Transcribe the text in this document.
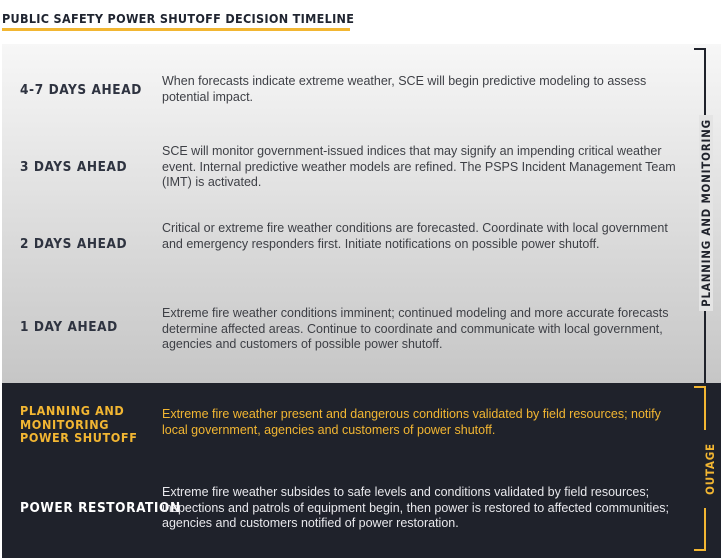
PUBLIC SAFETY POWER SHUTOFF DECISION TIMELINE
4-7 DAYS AHEAD
When forecasts indicate extreme weather, SCE will begin predictive modeling to assess potential impact.
3 DAYS AHEAD
SCE will monitor government-issued indices that may signify an impending critical weather event. Internal predictive weather models are refined. The PSPS Incident Management Team (IMT) is activated.
2 DAYS AHEAD
Critical or extreme fire weather conditions are forecasted. Coordinate with local government and emergency responders first. Initiate notifications on possible power shutoff.
1 DAY AHEAD
Extreme fire weather conditions imminent; continued modeling and more accurate forecasts determine affected areas. Continue to coordinate and communicate with local government, agencies and customers of possible power shutoff.
PLANNING AND MONITORING POWER SHUTOFF
Extreme fire weather present and dangerous conditions validated by field resources; notify local government, agencies and customers of power shutoff.
POWER RESTORATION
Extreme fire weather subsides to safe levels and conditions validated by field resources; inspections and patrols of equipment begin, then power is restored to affected communities; agencies and customers notified of power restoration.
PLANNING AND MONITORING
OUTAGE
